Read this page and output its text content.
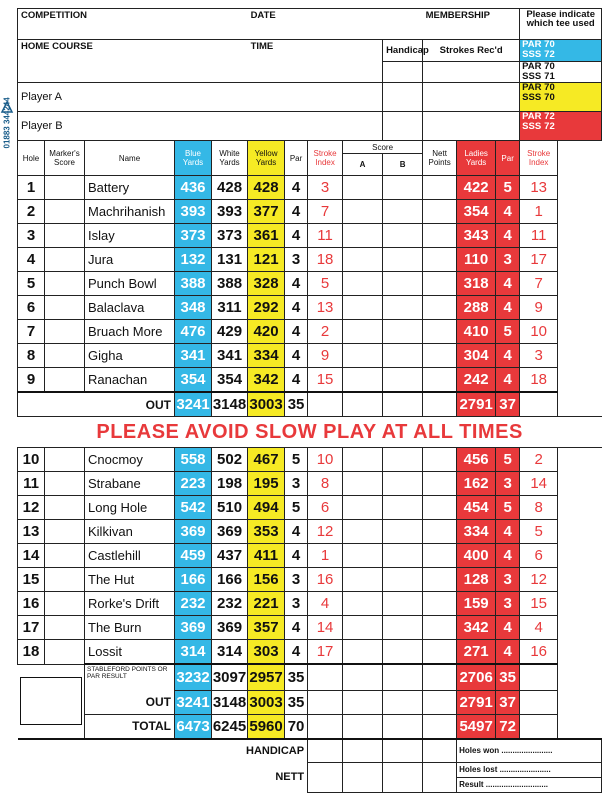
01883 344244
COMPETITION					DATE					MEMBERSHIP			Please indicate which tee used
HOME COURSE					TIME				Handicap	Strokes Rec'd			PAR 70
SSS 72
													PAR 70
SSS 71
Player A													PAR 70
SSS 70
Player B													PAR 72
SSS 72
Hole	Marker's Score	Name	Blue Yards	White Yards	Yellow Yards	Par	Stroke Index	Score		Nett Points	Ladies Yards	Par	Stroke Index
								A	B				
1		Battery	436	428	428	4	3				422	5	13
2		Machrihanish	393	393	377	4	7				354	4	1
3		Islay	373	373	361	4	11				343	4	11
4		Jura	132	131	121	3	18				110	3	17
5		Punch Bowl	388	388	328	4	5				318	4	7
6		Balaclava	348	311	292	4	13				288	4	9
7		Bruach More	476	429	420	4	2				410	5	10
8		Gigha	341	341	334	4	9				304	4	3
9		Ranachan	354	354	342	4	15				242	4	18
OUT			3241	3148	3003	35					2791	37	
PLEASE AVOID SLOW PLAY AT ALL TIMES													
10		Cnocmoy	558	502	467	5	10				456	5	2
11		Strabane	223	198	195	3	8				162	3	14
12		Long Hole	542	510	494	5	6				454	5	8
13		Kilkivan	369	369	353	4	12				334	4	5
14		Castlehill	459	437	411	4	1				400	4	6
15		The Hut	166	166	156	3	16				128	3	12
16		Rorke's Drift	232	232	221	3	4				159	3	15
17		The Burn	369	369	357	4	14				342	4	4
18		Lossit	314	314	303	4	17				271	4	16

		STABLEFORD POINTS OR PAR RESULT	3232	3097	2957	35					2706	35	
		OUT	3241	3148	3003	35					2791	37	
		TOTAL	6473	6245	5960	70					5497	72	
HANDICAP											Holes won .......................		
NETT											Holes lost .......................		
											Result ............................		
